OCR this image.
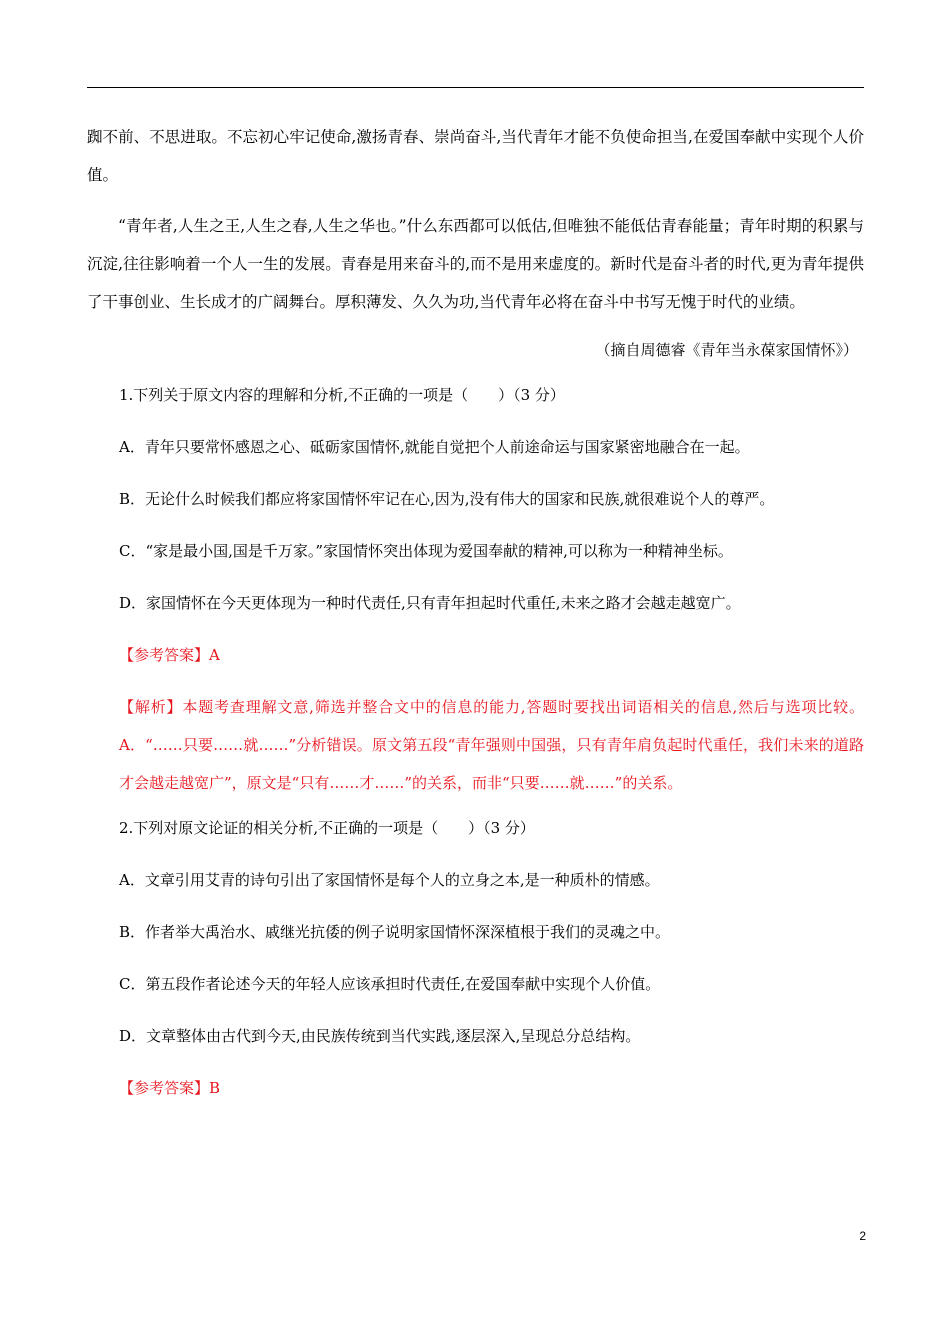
踟不前、不思进取。不忘初心牢记使命,激扬青春、崇尚奋斗,当代青年才能不负使命担当,在爱国奉献中实现个人价值。

“青年者,人生之王,人生之春,人生之华也。”什么东西都可以低估,但唯独不能低估青春能量；青年时期的积累与沉淀,往往影响着一个人一生的发展。青春是用来奋斗的,而不是用来虚度的。新时代是奋斗者的时代,更为青年提供了干事创业、生长成才的广阔舞台。厚积薄发、久久为功,当代青年必将在奋斗中书写无愧于时代的业绩。

（摘自周德睿《青年当永葆家国情怀》）
1.下列关于原文内容的理解和分析,不正确的一项是（　　）（3 分）
A．青年只要常怀感恩之心、砥砺家国情怀,就能自觉把个人前途命运与国家紧密地融合在一起。
B．无论什么时候我们都应将家国情怀牢记在心,因为,没有伟大的国家和民族,就很难说个人的尊严。
C．“家是最小国,国是千万家。”家国情怀突出体现为爱国奉献的精神,可以称为一种精神坐标。
D．家国情怀在今天更体现为一种时代责任,只有青年担起时代重任,未来之路才会越走越宽广。
【参考答案】A
【解析】本题考查理解文意,筛选并整合文中的信息的能力,答题时要找出词语相关的信息,然后与选项比较。A．“……只要……就……”分析错误。原文第五段“青年强则中国强，只有青年肩负起时代重任，我们未来的道路才会越走越宽广”，原文是“只有……才……”的关系，而非“只要……就……”的关系。
2.下列对原文论证的相关分析,不正确的一项是（　　）（3 分）
A．文章引用艾青的诗句引出了家国情怀是每个人的立身之本,是一种质朴的情感。
B．作者举大禹治水、戚继光抗倭的例子说明家国情怀深深植根于我们的灵魂之中。
C．第五段作者论述今天的年轻人应该承担时代责任,在爱国奉献中实现个人价值。
D．文章整体由古代到今天,由民族传统到当代实践,逐层深入,呈现总分总结构。
【参考答案】B
2
